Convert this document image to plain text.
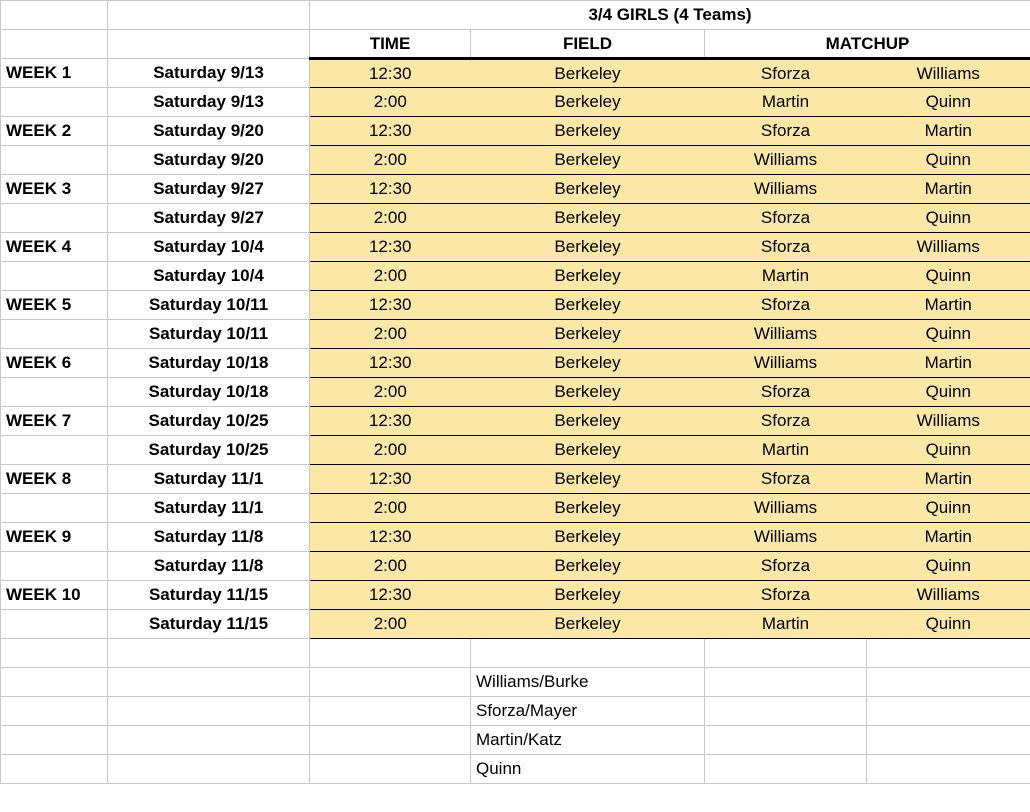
		3/4 GIRLS (4 Teams)			
		TIME	FIELD	MATCHUP	
WEEK 1	Saturday 9/13	12:30	Berkeley	Sforza	Williams
	Saturday 9/13	2:00	Berkeley	Martin	Quinn
WEEK 2	Saturday 9/20	12:30	Berkeley	Sforza	Martin
	Saturday 9/20	2:00	Berkeley	Williams	Quinn
WEEK 3	Saturday 9/27	12:30	Berkeley	Williams	Martin
	Saturday 9/27	2:00	Berkeley	Sforza	Quinn
WEEK 4	Saturday 10/4	12:30	Berkeley	Sforza	Williams
	Saturday 10/4	2:00	Berkeley	Martin	Quinn
WEEK 5	Saturday 10/11	12:30	Berkeley	Sforza	Martin
	Saturday 10/11	2:00	Berkeley	Williams	Quinn
WEEK 6	Saturday 10/18	12:30	Berkeley	Williams	Martin
	Saturday 10/18	2:00	Berkeley	Sforza	Quinn
WEEK 7	Saturday 10/25	12:30	Berkeley	Sforza	Williams
	Saturday 10/25	2:00	Berkeley	Martin	Quinn
WEEK 8	Saturday 11/1	12:30	Berkeley	Sforza	Martin
	Saturday 11/1	2:00	Berkeley	Williams	Quinn
WEEK 9	Saturday 11/8	12:30	Berkeley	Williams	Martin
	Saturday 11/8	2:00	Berkeley	Sforza	Quinn
WEEK 10	Saturday 11/15	12:30	Berkeley	Sforza	Williams
	Saturday 11/15	2:00	Berkeley	Martin	Quinn

			Williams/Burke		
			Sforza/Mayer		
			Martin/Katz		
			Quinn		
